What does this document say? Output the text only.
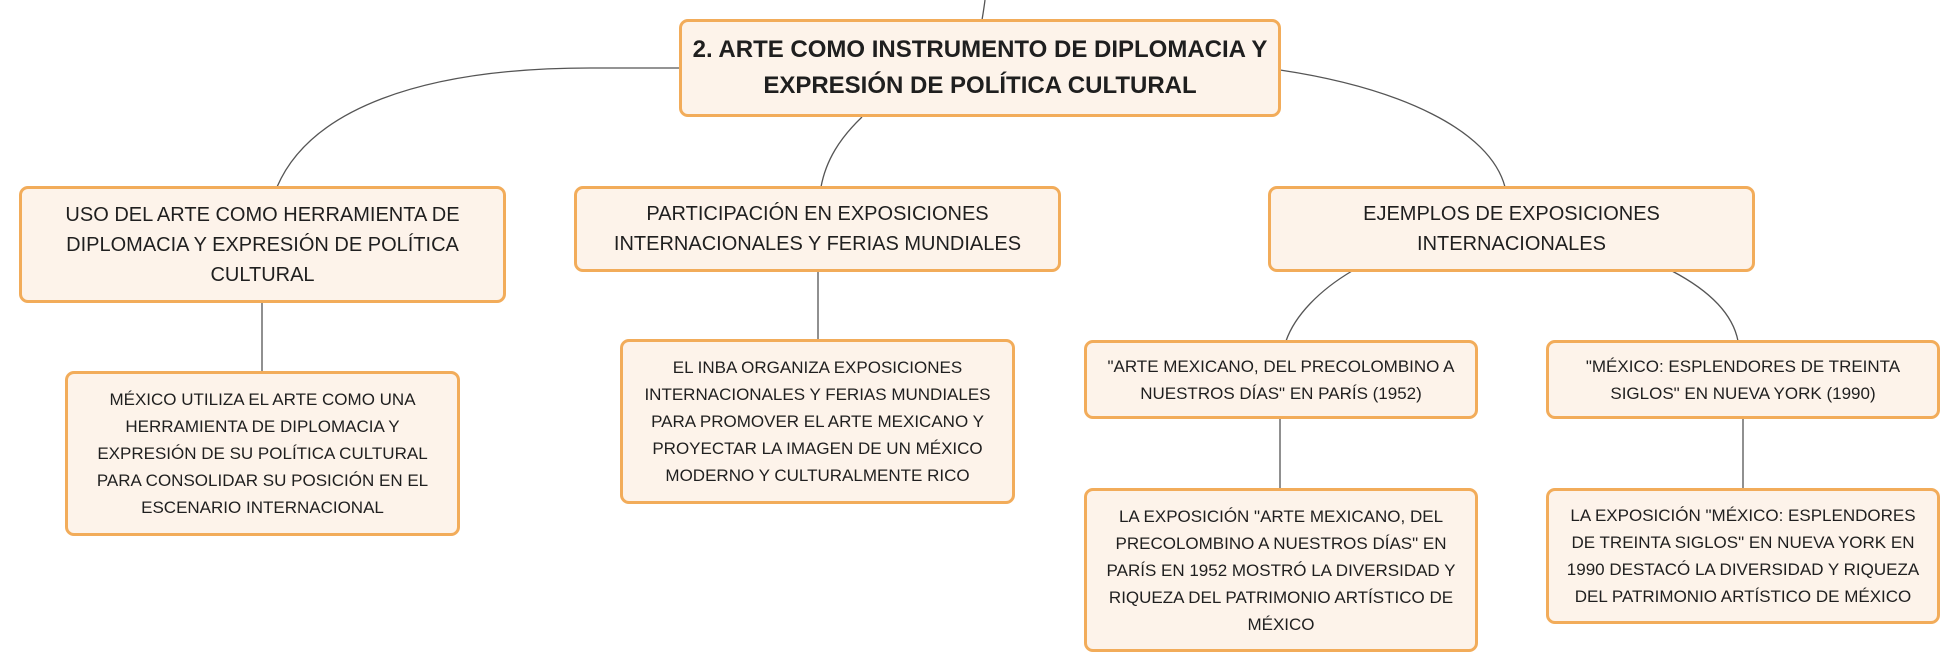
2. ARTE COMO INSTRUMENTO DE DIPLOMACIA Y EXPRESIÓN DE POLÍTICA CULTURAL
USO DEL ARTE COMO HERRAMIENTA DE DIPLOMACIA Y EXPRESIÓN DE POLÍTICA CULTURAL
PARTICIPACIÓN EN EXPOSICIONES INTERNACIONALES Y FERIAS MUNDIALES
EJEMPLOS DE EXPOSICIONES INTERNACIONALES
MÉXICO UTILIZA EL ARTE COMO UNA HERRAMIENTA DE DIPLOMACIA Y EXPRESIÓN DE SU POLÍTICA CULTURAL PARA CONSOLIDAR SU POSICIÓN EN EL ESCENARIO INTERNACIONAL
EL INBA ORGANIZA EXPOSICIONES INTERNACIONALES Y FERIAS MUNDIALES PARA PROMOVER EL ARTE MEXICANO Y PROYECTAR LA IMAGEN DE UN MÉXICO MODERNO Y CULTURALMENTE RICO
"ARTE MEXICANO, DEL PRECOLOMBINO A NUESTROS DÍAS" EN PARÍS (1952)
"MÉXICO: ESPLENDORES DE TREINTA SIGLOS" EN NUEVA YORK (1990)
LA EXPOSICIÓN "ARTE MEXICANO, DEL PRECOLOMBINO A NUESTROS DÍAS" EN PARÍS EN 1952 MOSTRÓ LA DIVERSIDAD Y RIQUEZA DEL PATRIMONIO ARTÍSTICO DE MÉXICO
LA EXPOSICIÓN "MÉXICO: ESPLENDORES DE TREINTA SIGLOS" EN NUEVA YORK EN 1990 DESTACÓ LA DIVERSIDAD Y RIQUEZA DEL PATRIMONIO ARTÍSTICO DE MÉXICO
